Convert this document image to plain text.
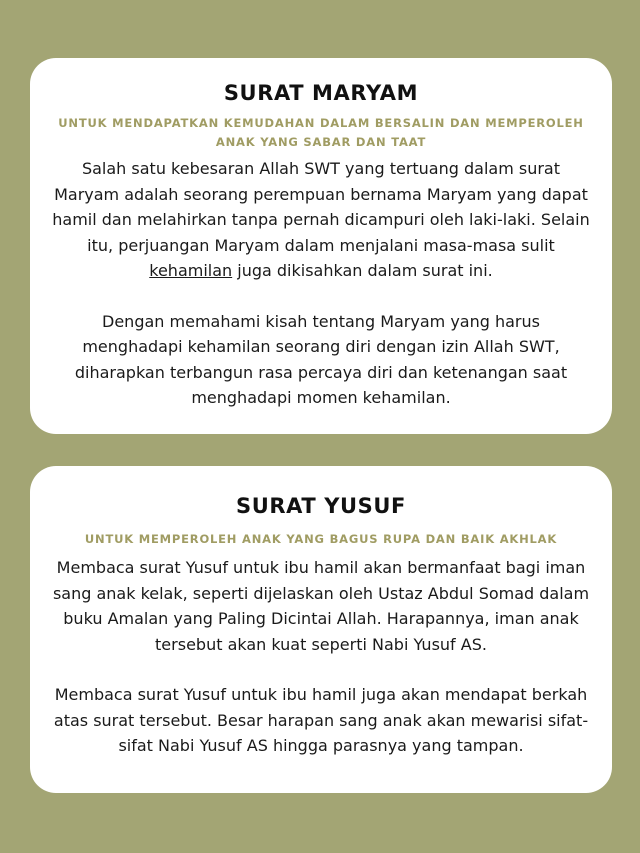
SURAT MARYAM

UNTUK MENDAPATKAN KEMUDAHAN DALAM BERSALIN DAN MEMPEROLEH ANAK YANG SABAR DAN TAAT

Salah satu kebesaran Allah SWT yang tertuang dalam surat Maryam adalah seorang perempuan bernama Maryam yang dapat hamil dan melahirkan tanpa pernah dicampuri oleh laki-laki. Selain itu, perjuangan Maryam dalam menjalani masa-masa sulit kehamilan juga dikisahkan dalam surat ini.

Dengan memahami kisah tentang Maryam yang harus menghadapi kehamilan seorang diri dengan izin Allah SWT, diharapkan terbangun rasa percaya diri dan ketenangan saat menghadapi momen kehamilan.

SURAT YUSUF

UNTUK MEMPEROLEH ANAK YANG BAGUS RUPA DAN BAIK AKHLAK

Membaca surat Yusuf untuk ibu hamil akan bermanfaat bagi iman sang anak kelak, seperti dijelaskan oleh Ustaz Abdul Somad dalam buku Amalan yang Paling Dicintai Allah. Harapannya, iman anak tersebut akan kuat seperti Nabi Yusuf AS.

Membaca surat Yusuf untuk ibu hamil juga akan mendapat berkah atas surat tersebut. Besar harapan sang anak akan mewarisi sifat-sifat Nabi Yusuf AS hingga parasnya yang tampan.
